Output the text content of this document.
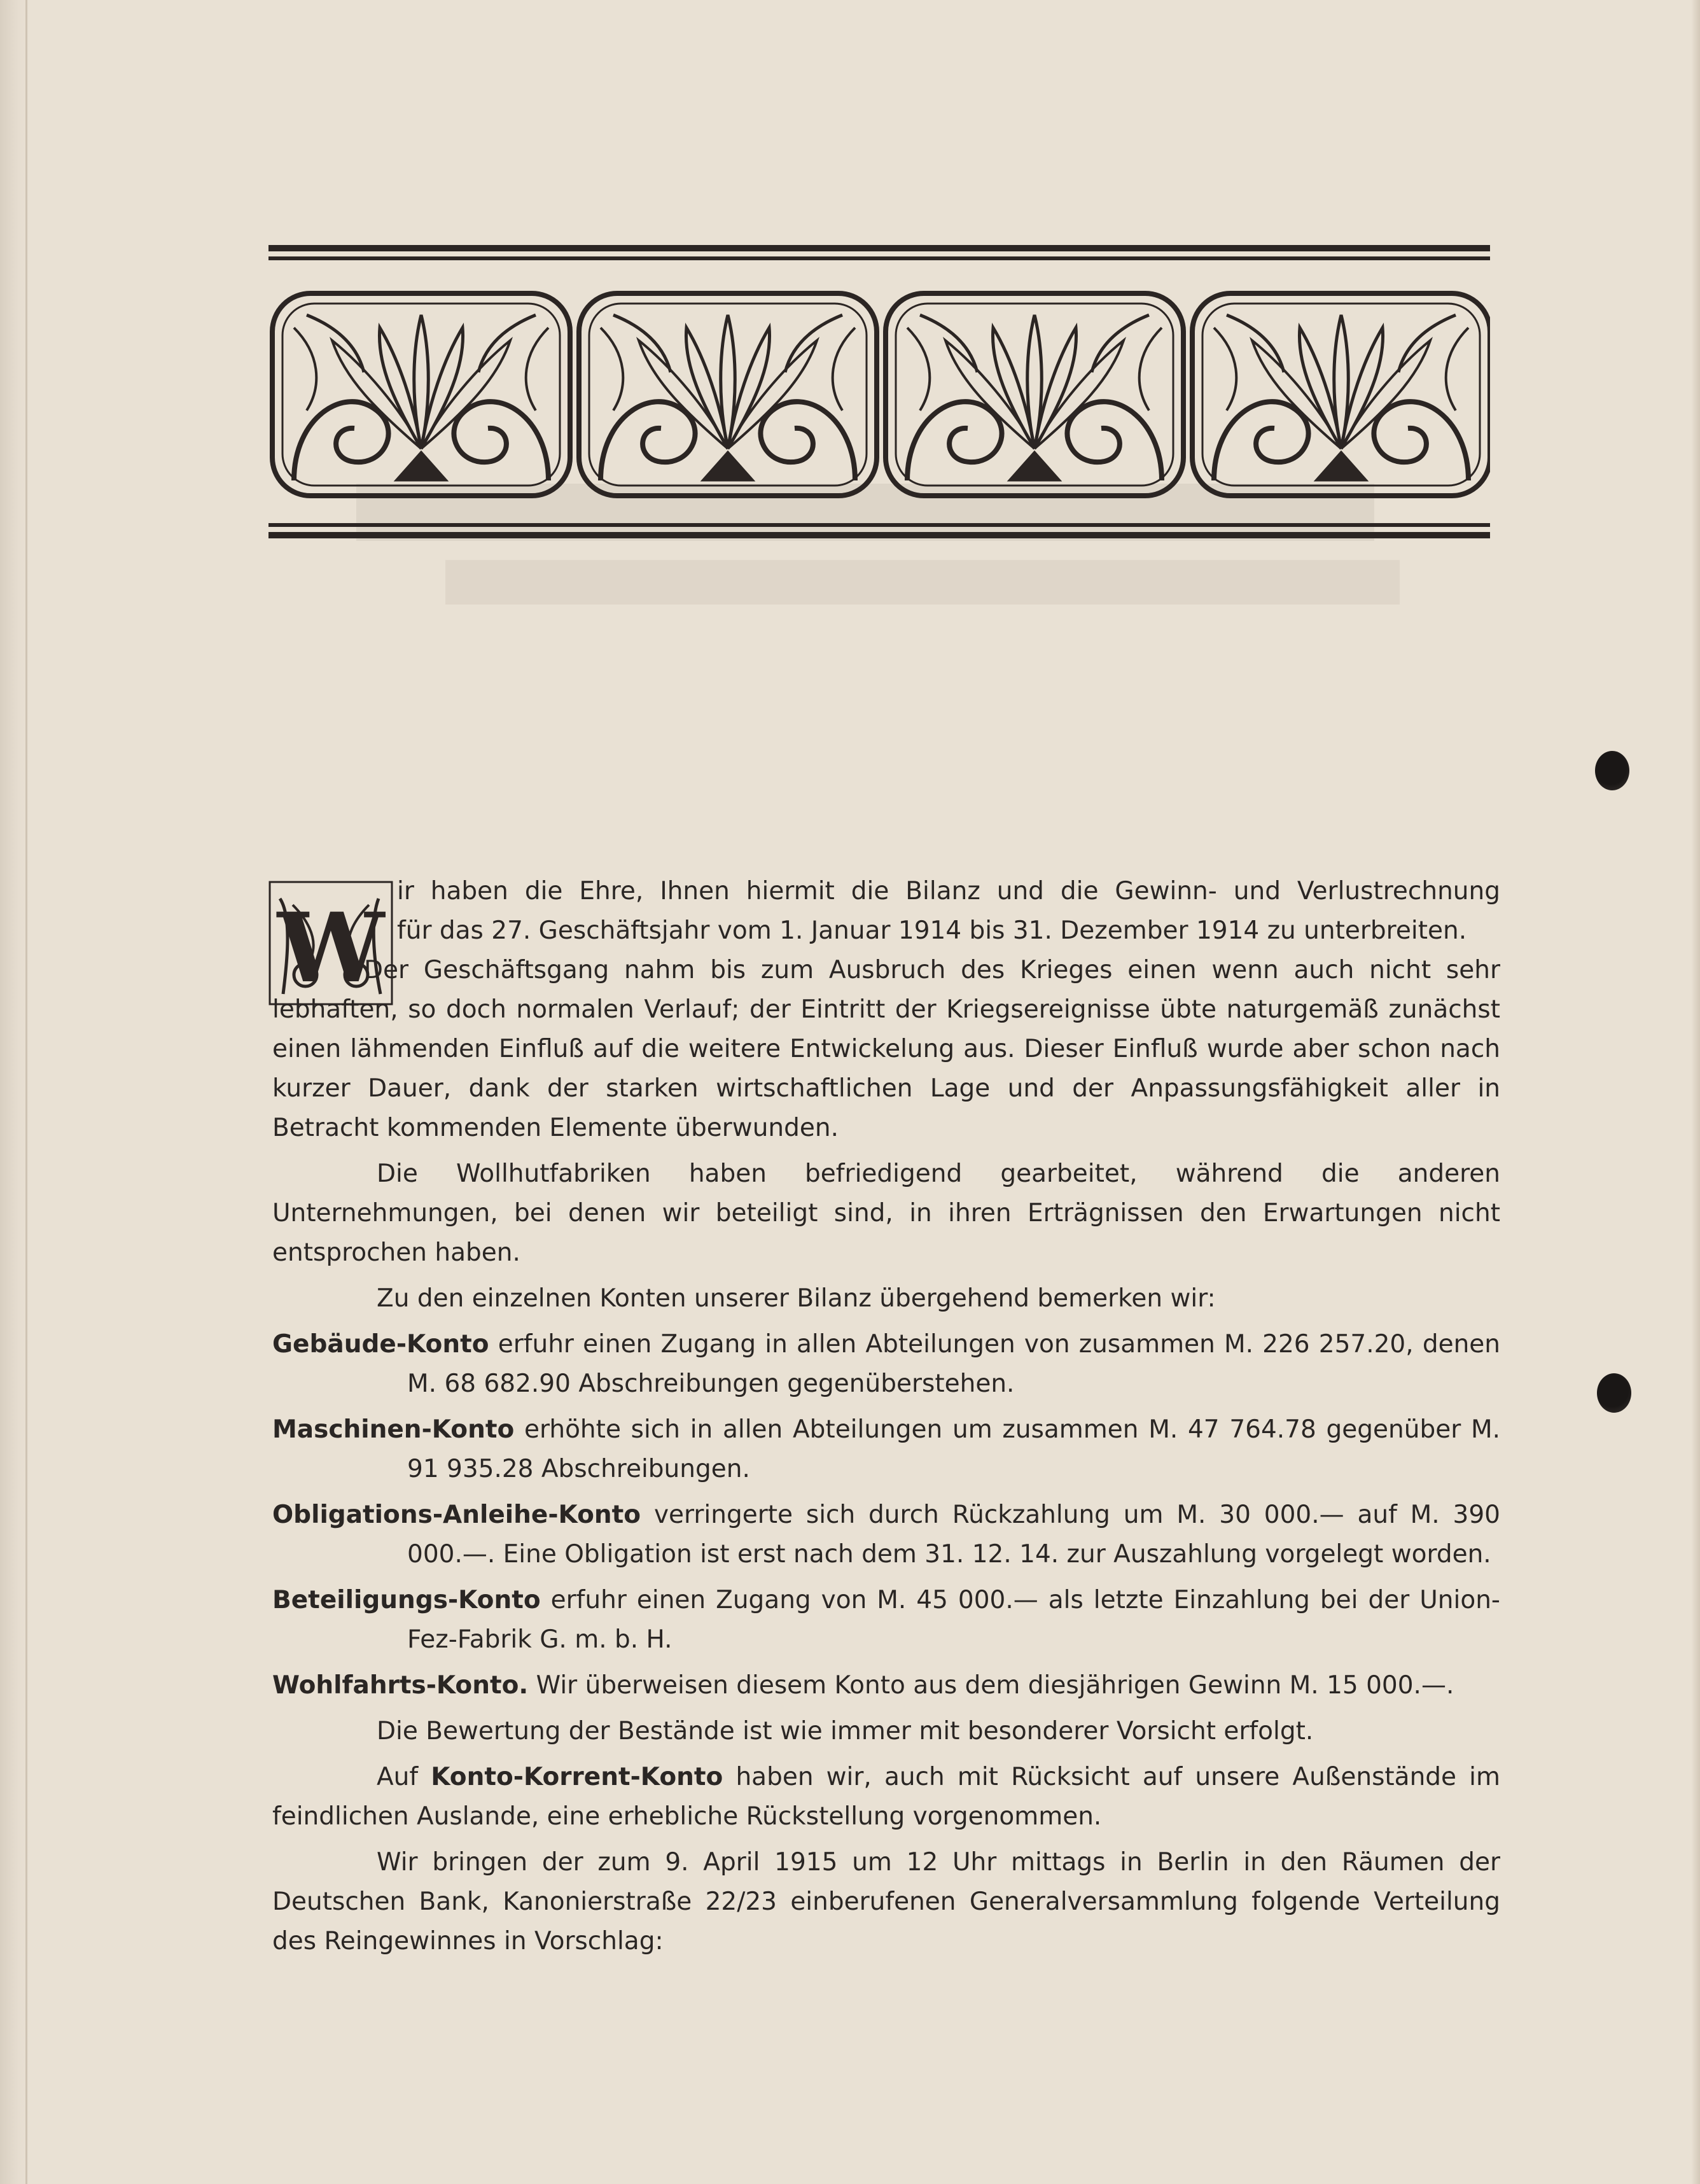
W

ir haben die Ehre, Ihnen hiermit die Bilanz und die Gewinn- und Verlustrechnung

für das 27. Geschäftsjahr vom 1. Januar 1914 bis 31. Dezember 1914 zu unterbreiten.

Der Geschäftsgang nahm bis zum Ausbruch des Krieges einen wenn auch nicht sehr lebhaften, so doch normalen Verlauf; der Eintritt der Kriegsereignisse übte naturgemäß zunächst einen lähmenden Einfluß auf die weitere Entwickelung aus. Dieser Einfluß wurde aber schon nach kurzer Dauer, dank der starken wirtschaftlichen Lage und der Anpassungsfähigkeit aller in Betracht kommenden Elemente überwunden.

Die Wollhutfabriken haben befriedigend gearbeitet, während die anderen Unternehmungen, bei denen wir beteiligt sind, in ihren Erträgnissen den Erwartungen nicht entsprochen haben.

Zu den einzelnen Konten unserer Bilanz übergehend bemerken wir:

Gebäude-Konto erfuhr einen Zugang in allen Abteilungen von zusammen M. 226 257.20, denen M. 68 682.90 Abschreibungen gegenüberstehen.

Maschinen-Konto erhöhte sich in allen Abteilungen um zusammen M. 47 764.78 gegenüber M. 91 935.28 Abschreibungen.

Obligations-Anleihe-Konto verringerte sich durch Rückzahlung um M. 30 000.— auf M. 390 000.—. Eine Obligation ist erst nach dem 31. 12. 14. zur Auszahlung vorgelegt worden.

Beteiligungs-Konto erfuhr einen Zugang von M. 45 000.— als letzte Einzahlung bei der Union-Fez-Fabrik G. m. b. H.

Wohlfahrts-Konto. Wir überweisen diesem Konto aus dem diesjährigen Gewinn M. 15 000.—.

Die Bewertung der Bestände ist wie immer mit besonderer Vorsicht erfolgt.

Auf Konto-Korrent-Konto haben wir, auch mit Rücksicht auf unsere Außenstände im feindlichen Auslande, eine erhebliche Rückstellung vorgenommen.

Wir bringen der zum 9. April 1915 um 12 Uhr mittags in Berlin in den Räumen der Deutschen Bank, Kanonierstraße 22/23 einberufenen Generalversammlung folgende Verteilung des Reingewinnes in Vorschlag:
